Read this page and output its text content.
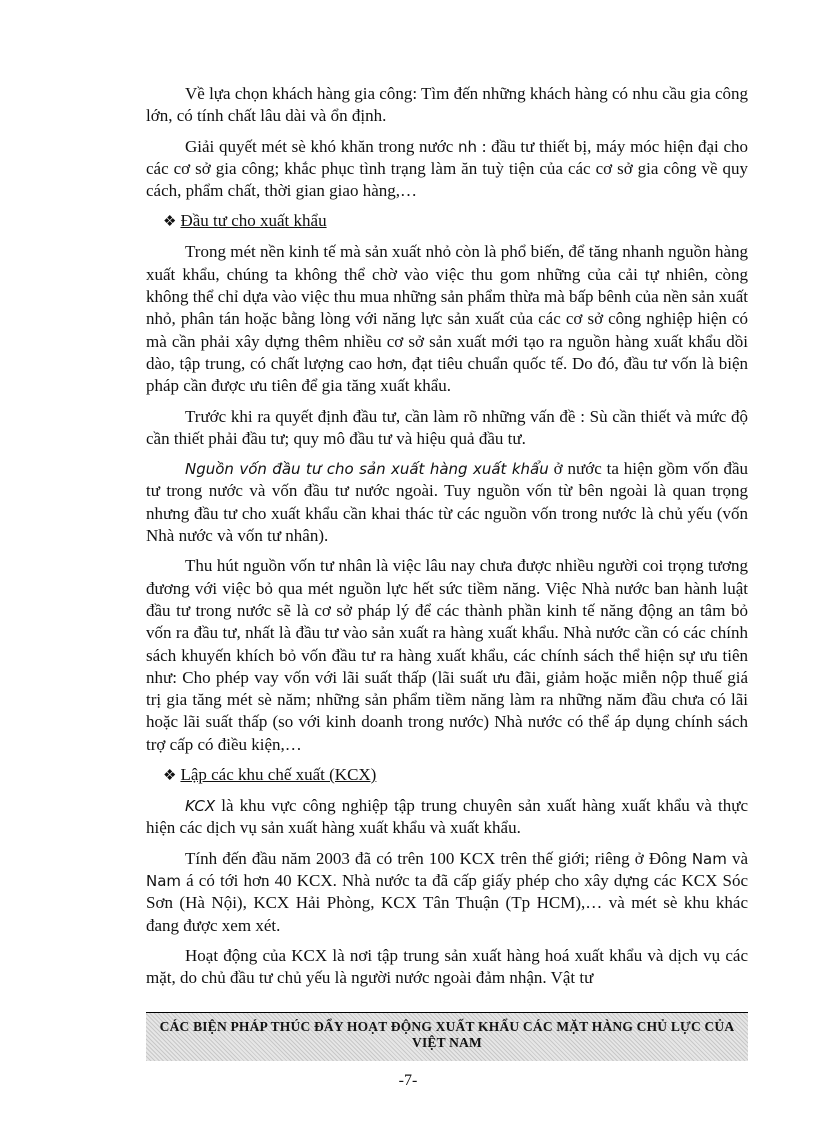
Về lựa chọn khách hàng gia công: Tìm đến những khách hàng có nhu cầu gia công lớn, có tính chất lâu dài và ổn định.

Giải quyết mét sè khó khăn trong nước nh : đầu tư thiết bị, máy móc hiện đại cho các cơ sở gia công; khắc phục tình trạng làm ăn tuỳ tiện của các cơ sở gia công về quy cách, phẩm chất, thời gian giao hàng,…

❖ Đầu tư cho xuất khẩu

Trong mét nền kinh tế mà sản xuất nhỏ còn là phổ biến, để tăng nhanh nguồn hàng xuất khẩu, chúng ta không thể chờ vào việc thu gom những của cải tự nhiên, còng không thể chỉ dựa vào việc thu mua những sản phẩm thừa mà bấp bênh của nền sản xuất nhỏ, phân tán hoặc bằng lòng với năng lực sản xuất của các cơ sở công nghiệp hiện có mà cần phải xây dựng thêm nhiều cơ sở sản xuất mới tạo ra nguồn hàng xuất khẩu dồi dào, tập trung, có chất lượng cao hơn, đạt tiêu chuẩn quốc tế. Do đó, đầu tư vốn là biện pháp cần được ưu tiên để gia tăng xuất khẩu.

Trước khi ra quyết định đầu tư, cần làm rõ những vấn đề : Sù cần thiết và mức độ cần thiết phải đầu tư; quy mô đầu tư và hiệu quả đầu tư.

Nguồn vốn đầu tư cho sản xuất hàng xuất khẩu ở nước ta hiện gồm vốn đầu tư trong nước và vốn đầu tư nước ngoài. Tuy nguồn vốn từ bên ngoài là quan trọng nhưng đầu tư cho xuất khẩu cần khai thác từ các nguồn vốn trong nước là chủ yếu (vốn Nhà nước và vốn tư nhân).

Thu hút nguồn vốn tư nhân là việc lâu nay chưa được nhiều người coi trọng tương đương với việc bỏ qua mét nguồn lực hết sức tiềm năng. Việc Nhà nước ban hành luật đầu tư trong nước sẽ là cơ sở pháp lý để các thành phần kinh tế năng động an tâm bỏ vốn ra đầu tư, nhất là đầu tư vào sản xuất ra hàng xuất khẩu. Nhà nước cần có các chính sách khuyến khích bỏ vốn đầu tư ra hàng xuất khẩu, các chính sách thể hiện sự ưu tiên như: Cho phép vay vốn với lãi suất thấp (lãi suất ưu đãi, giảm hoặc miễn nộp thuế giá trị gia tăng mét sè năm; những sản phẩm tiềm năng làm ra những năm đầu chưa có lãi hoặc lãi suất thấp (so với kinh doanh trong nước) Nhà nước có thể áp dụng chính sách trợ cấp có điều kiện,…

❖ Lập các khu chế xuất (KCX)

KCX là khu vực công nghiệp tập trung chuyên sản xuất hàng xuất khẩu và thực hiện các dịch vụ sản xuất hàng xuất khẩu và xuất khẩu.

Tính đến đầu năm 2003 đã có trên 100 KCX trên thế giới; riêng ở Đông Nam và Nam á có tới hơn 40 KCX. Nhà nước ta đã cấp giấy phép cho xây dựng các KCX Sóc Sơn (Hà Nội), KCX Hải Phòng, KCX Tân Thuận (Tp HCM),… và mét sè khu khác đang được xem xét.

Hoạt động của KCX là nơi tập trung sản xuất hàng hoá xuất khẩu và dịch vụ các mặt, do chủ đầu tư chủ yếu là người nước ngoài đảm nhận. Vật tư

CÁC BIỆN PHÁP THÚC ĐẨY HOẠT ĐỘNG XUẤT KHẨU CÁC MẶT HÀNG CHỦ LỰC CỦA VIỆT NAM
-7-
